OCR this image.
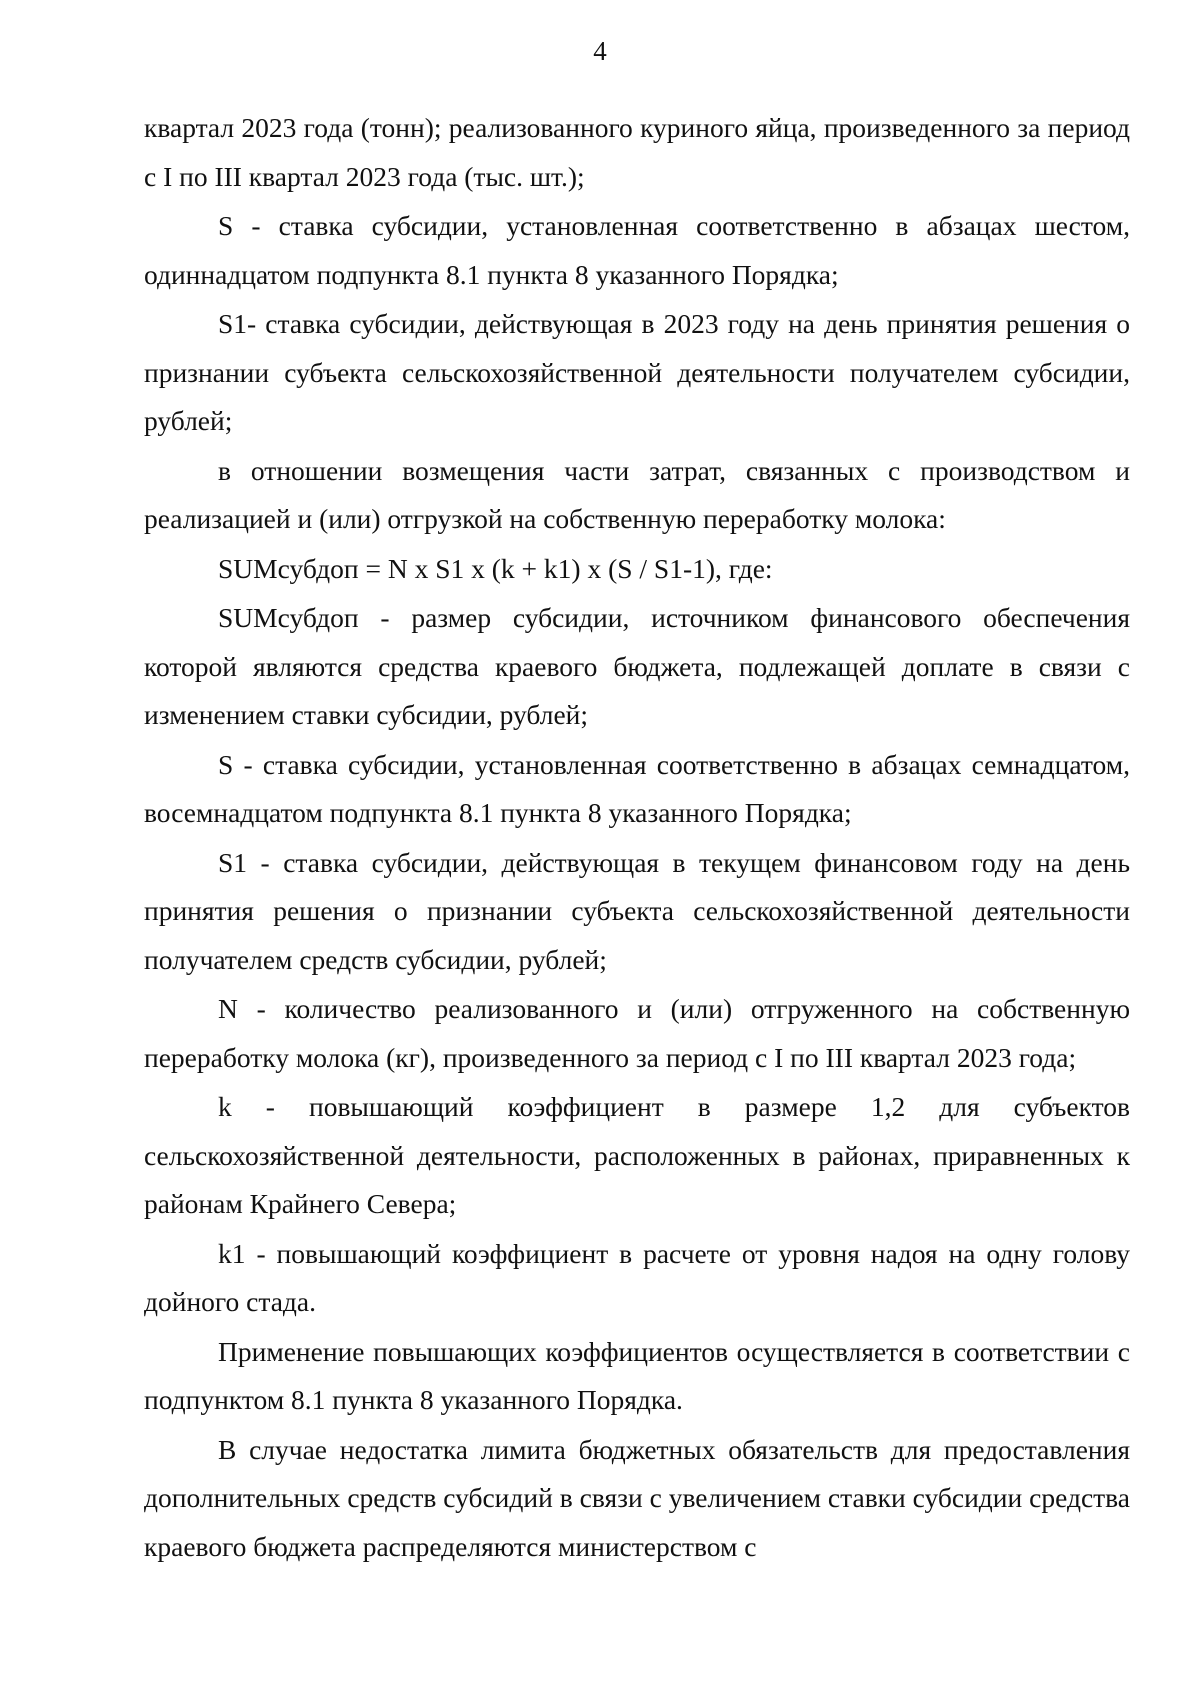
4

квартал 2023 года (тонн); реализованного куриного яйца, произведенного за период с I по III квартал 2023 года (тыс. шт.);

S - ставка субсидии, установленная соответственно в абзацах шестом, одиннадцатом подпункта 8.1 пункта 8 указанного Порядка;

S1- ставка субсидии, действующая в 2023 году на день принятия решения о признании субъекта сельскохозяйственной деятельности получателем субсидии, рублей;

в отношении возмещения части затрат, связанных с производством и реализацией и (или) отгрузкой на собственную переработку молока:

SUMсубдоп = N x S1 x (k + k1) x (S / S1-1), где:

SUMсубдоп - размер субсидии, источником финансового обеспечения которой являются средства краевого бюджета, подлежащей доплате в связи с изменением ставки субсидии, рублей;

S - ставка субсидии, установленная соответственно в абзацах семнадцатом, восемнадцатом подпункта 8.1 пункта 8 указанного Порядка;

S1 - ставка субсидии, действующая в текущем финансовом году на день принятия решения о признании субъекта сельскохозяйственной деятельности получателем средств субсидии, рублей;

N - количество реализованного и (или) отгруженного на собственную переработку молока (кг), произведенного за период с I по III квартал 2023 года;

k - повышающий коэффициент в размере 1,2 для субъектов сельскохозяйственной деятельности, расположенных в районах, приравненных к районам Крайнего Севера;

k1 - повышающий коэффициент в расчете от уровня надоя на одну голову дойного стада.

Применение повышающих коэффициентов осуществляется в соответствии с подпунктом 8.1 пункта 8 указанного Порядка.

В случае недостатка лимита бюджетных обязательств для предоставления дополнительных средств субсидий в связи с увеличением ставки субсидии средства краевого бюджета распределяются министерством с
